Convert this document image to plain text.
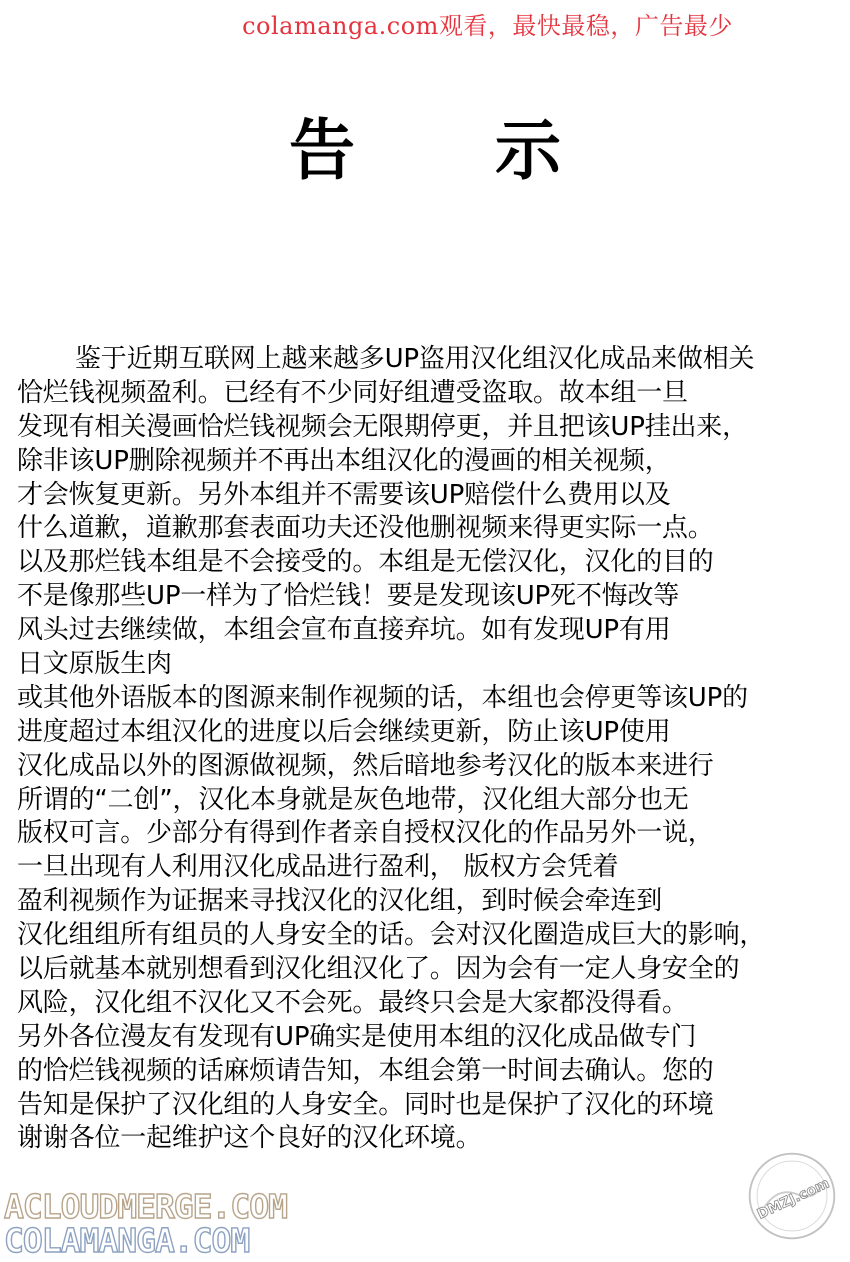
colamanga.com观看，最快最稳，广告最少
告示
鉴于近期互联网上越来越多UP盗用汉化组汉化成品来做相关
恰烂钱视频盈利。已经有不少同好组遭受盗取。故本组一旦
发现有相关漫画恰烂钱视频会无限期停更，并且把该UP挂出来，
除非该UP删除视频并不再出本组汉化的漫画的相关视频，
才会恢复更新。另外本组并不需要该UP赔偿什么费用以及
什么道歉，道歉那套表面功夫还没他删视频来得更实际一点。
以及那烂钱本组是不会接受的。本组是无偿汉化，汉化的目的
不是像那些UP一样为了恰烂钱！要是发现该UP死不悔改等
风头过去继续做，本组会宣布直接弃坑。如有发现UP有用
日文原版生肉
或其他外语版本的图源来制作视频的话，本组也会停更等该UP的
进度超过本组汉化的进度以后会继续更新，防止该UP使用
汉化成品以外的图源做视频，然后暗地参考汉化的版本来进行
所谓的“二创”，汉化本身就是灰色地带，汉化组大部分也无
版权可言。少部分有得到作者亲自授权汉化的作品另外一说，
一旦出现有人利用汉化成品进行盈利， 版权方会凭着
盈利视频作为证据来寻找汉化的汉化组，到时候会牵连到
汉化组组所有组员的人身安全的话。会对汉化圈造成巨大的影响，
以后就基本就别想看到汉化组汉化了。因为会有一定人身安全的
风险，汉化组不汉化又不会死。最终只会是大家都没得看。
另外各位漫友有发现有UP确实是使用本组的汉化成品做专门
的恰烂钱视频的话麻烦请告知，本组会第一时间去确认。您的
告知是保护了汉化组的人身安全。同时也是保护了汉化的环境
谢谢各位一起维护这个良好的汉化环境。
ACLOUDMERGE.COM
COLAMANGA.COM
DMZJ.com
